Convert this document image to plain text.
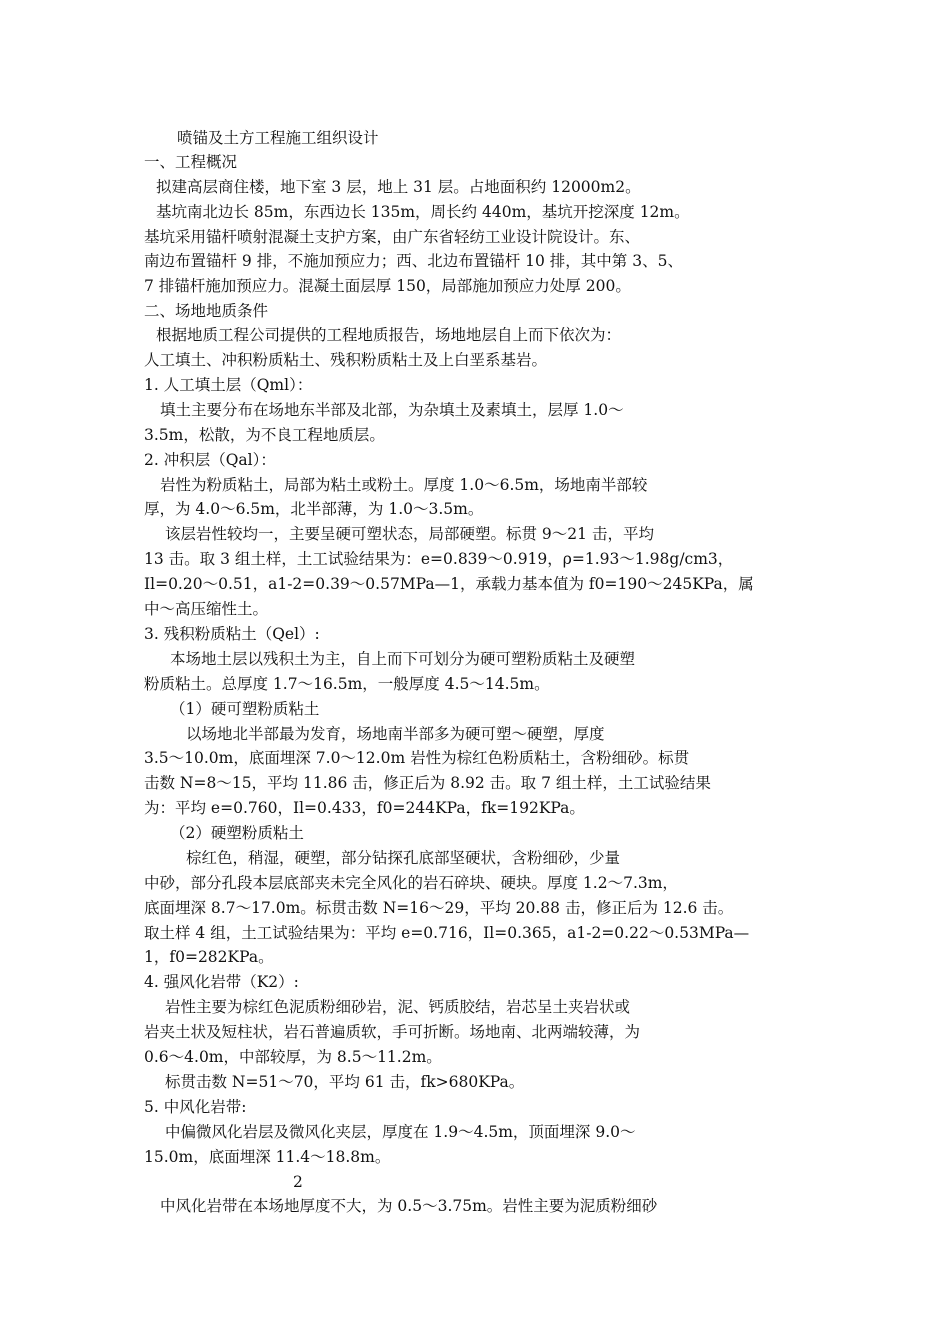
喷锚及土方工程施工组织设计
一、工程概况
拟建高层商住楼，地下室 3 层，地上 31 层。占地面积约 12000m2。
基坑南北边长 85m，东西边长 135m，周长约 440m，基坑开挖深度 12m。
基坑采用锚杆喷射混凝土支护方案，由广东省轻纺工业设计院设计。东、
南边布置锚杆 9 排，不施加预应力；西、北边布置锚杆 10 排，其中第 3、5、
7 排锚杆施加预应力。混凝土面层厚 150，局部施加预应力处厚 200。
二、场地地质条件
根据地质工程公司提供的工程地质报告，场地地层自上而下依次为：
人工填土、冲积粉质粘土、残积粉质粘土及上白垩系基岩。
1. 人工填土层（Qml）：
填土主要分布在场地东半部及北部，为杂填土及素填土，层厚 1.0～
3.5m，松散，为不良工程地质层。
2. 冲积层（Qal）：
岩性为粉质粘土，局部为粘土或粉土。厚度 1.0～6.5m，场地南半部较
厚，为 4.0～6.5m，北半部薄，为 1.0～3.5m。
该层岩性较均一，主要呈硬可塑状态，局部硬塑。标贯 9～21 击，平均
13 击。取 3 组土样，土工试验结果为：e=0.839～0.919，ρ=1.93～1.98g/cm3，
Il=0.20～0.51，a1-2=0.39～0.57MPa—1，承载力基本值为 f0=190～245KPa，属
中～高压缩性土。
3. 残积粉质粘土（Qel）:
本场地土层以残积土为主，自上而下可划分为硬可塑粉质粘土及硬塑
粉质粘土。总厚度 1.7～16.5m，一般厚度 4.5～14.5m。
（1）硬可塑粉质粘土
以场地北半部最为发育，场地南半部多为硬可塑～硬塑，厚度
3.5～10.0m，底面埋深 7.0～12.0m 岩性为棕红色粉质粘土，含粉细砂。标贯
击数 N=8～15，平均 11.86 击，修正后为 8.92 击。取 7 组土样，土工试验结果
为：平均 e=0.760，Il=0.433，f0=244KPa，fk=192KPa。
（2）硬塑粉质粘土
棕红色，稍湿，硬塑，部分钻探孔底部坚硬状，含粉细砂，少量
中砂，部分孔段本层底部夹未完全风化的岩石碎块、硬块。厚度 1.2～7.3m，
底面埋深 8.7～17.0m。标贯击数 N=16～29，平均 20.88 击，修正后为 12.6 击。
取土样 4 组，土工试验结果为：平均 e=0.716，Il=0.365，a1-2=0.22～0.53MPa—
1，f0=282KPa。
4. 强风化岩带（K2）:
岩性主要为棕红色泥质粉细砂岩，泥、钙质胶结，岩芯呈土夹岩状或
岩夹土状及短柱状，岩石普遍质软，手可折断。场地南、北两端较薄，为
0.6～4.0m，中部较厚，为 8.5～11.2m。
标贯击数 N=51～70，平均 61 击，fk>680KPa。
5. 中风化岩带:
中偏微风化岩层及微风化夹层，厚度在 1.9～4.5m，顶面埋深 9.0～
15.0m，底面埋深 11.4～18.8m。
2
中风化岩带在本场地厚度不大，为 0.5～3.75m。岩性主要为泥质粉细砂
